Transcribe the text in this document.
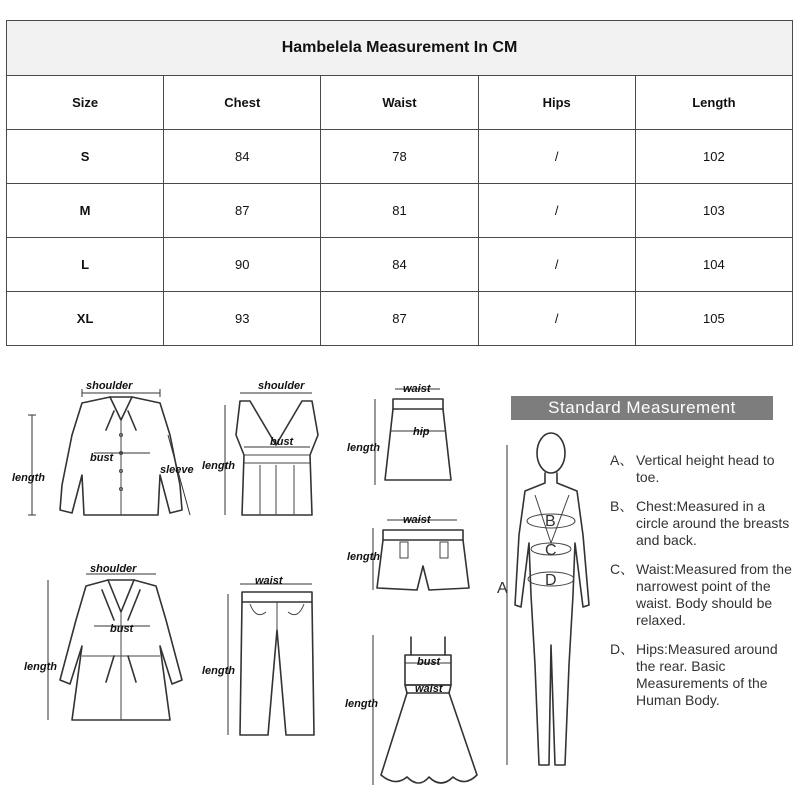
Hambelela Measurement In CM				
Size	Chest	Waist	Hips	Length
S	84	78	/	102
M	87	81	/	103
L	90	84	/	104
XL	93	87	/	105
shoulder
length
bust
sleeve
shoulder
length
bust
waist
length
hip
waist
length
shoulder
length
bust
waist
length
length
bust
waist
Standard Measurement
B
C
D
A
A、 Vertical height head to toe.
B、 Chest:Measured in a circle around the breasts and back.
C、 Waist:Measured from the narrowest point of the waist. Body should be relaxed.
D、 Hips:Measured around the rear. Basic Measurements of the Human Body.
